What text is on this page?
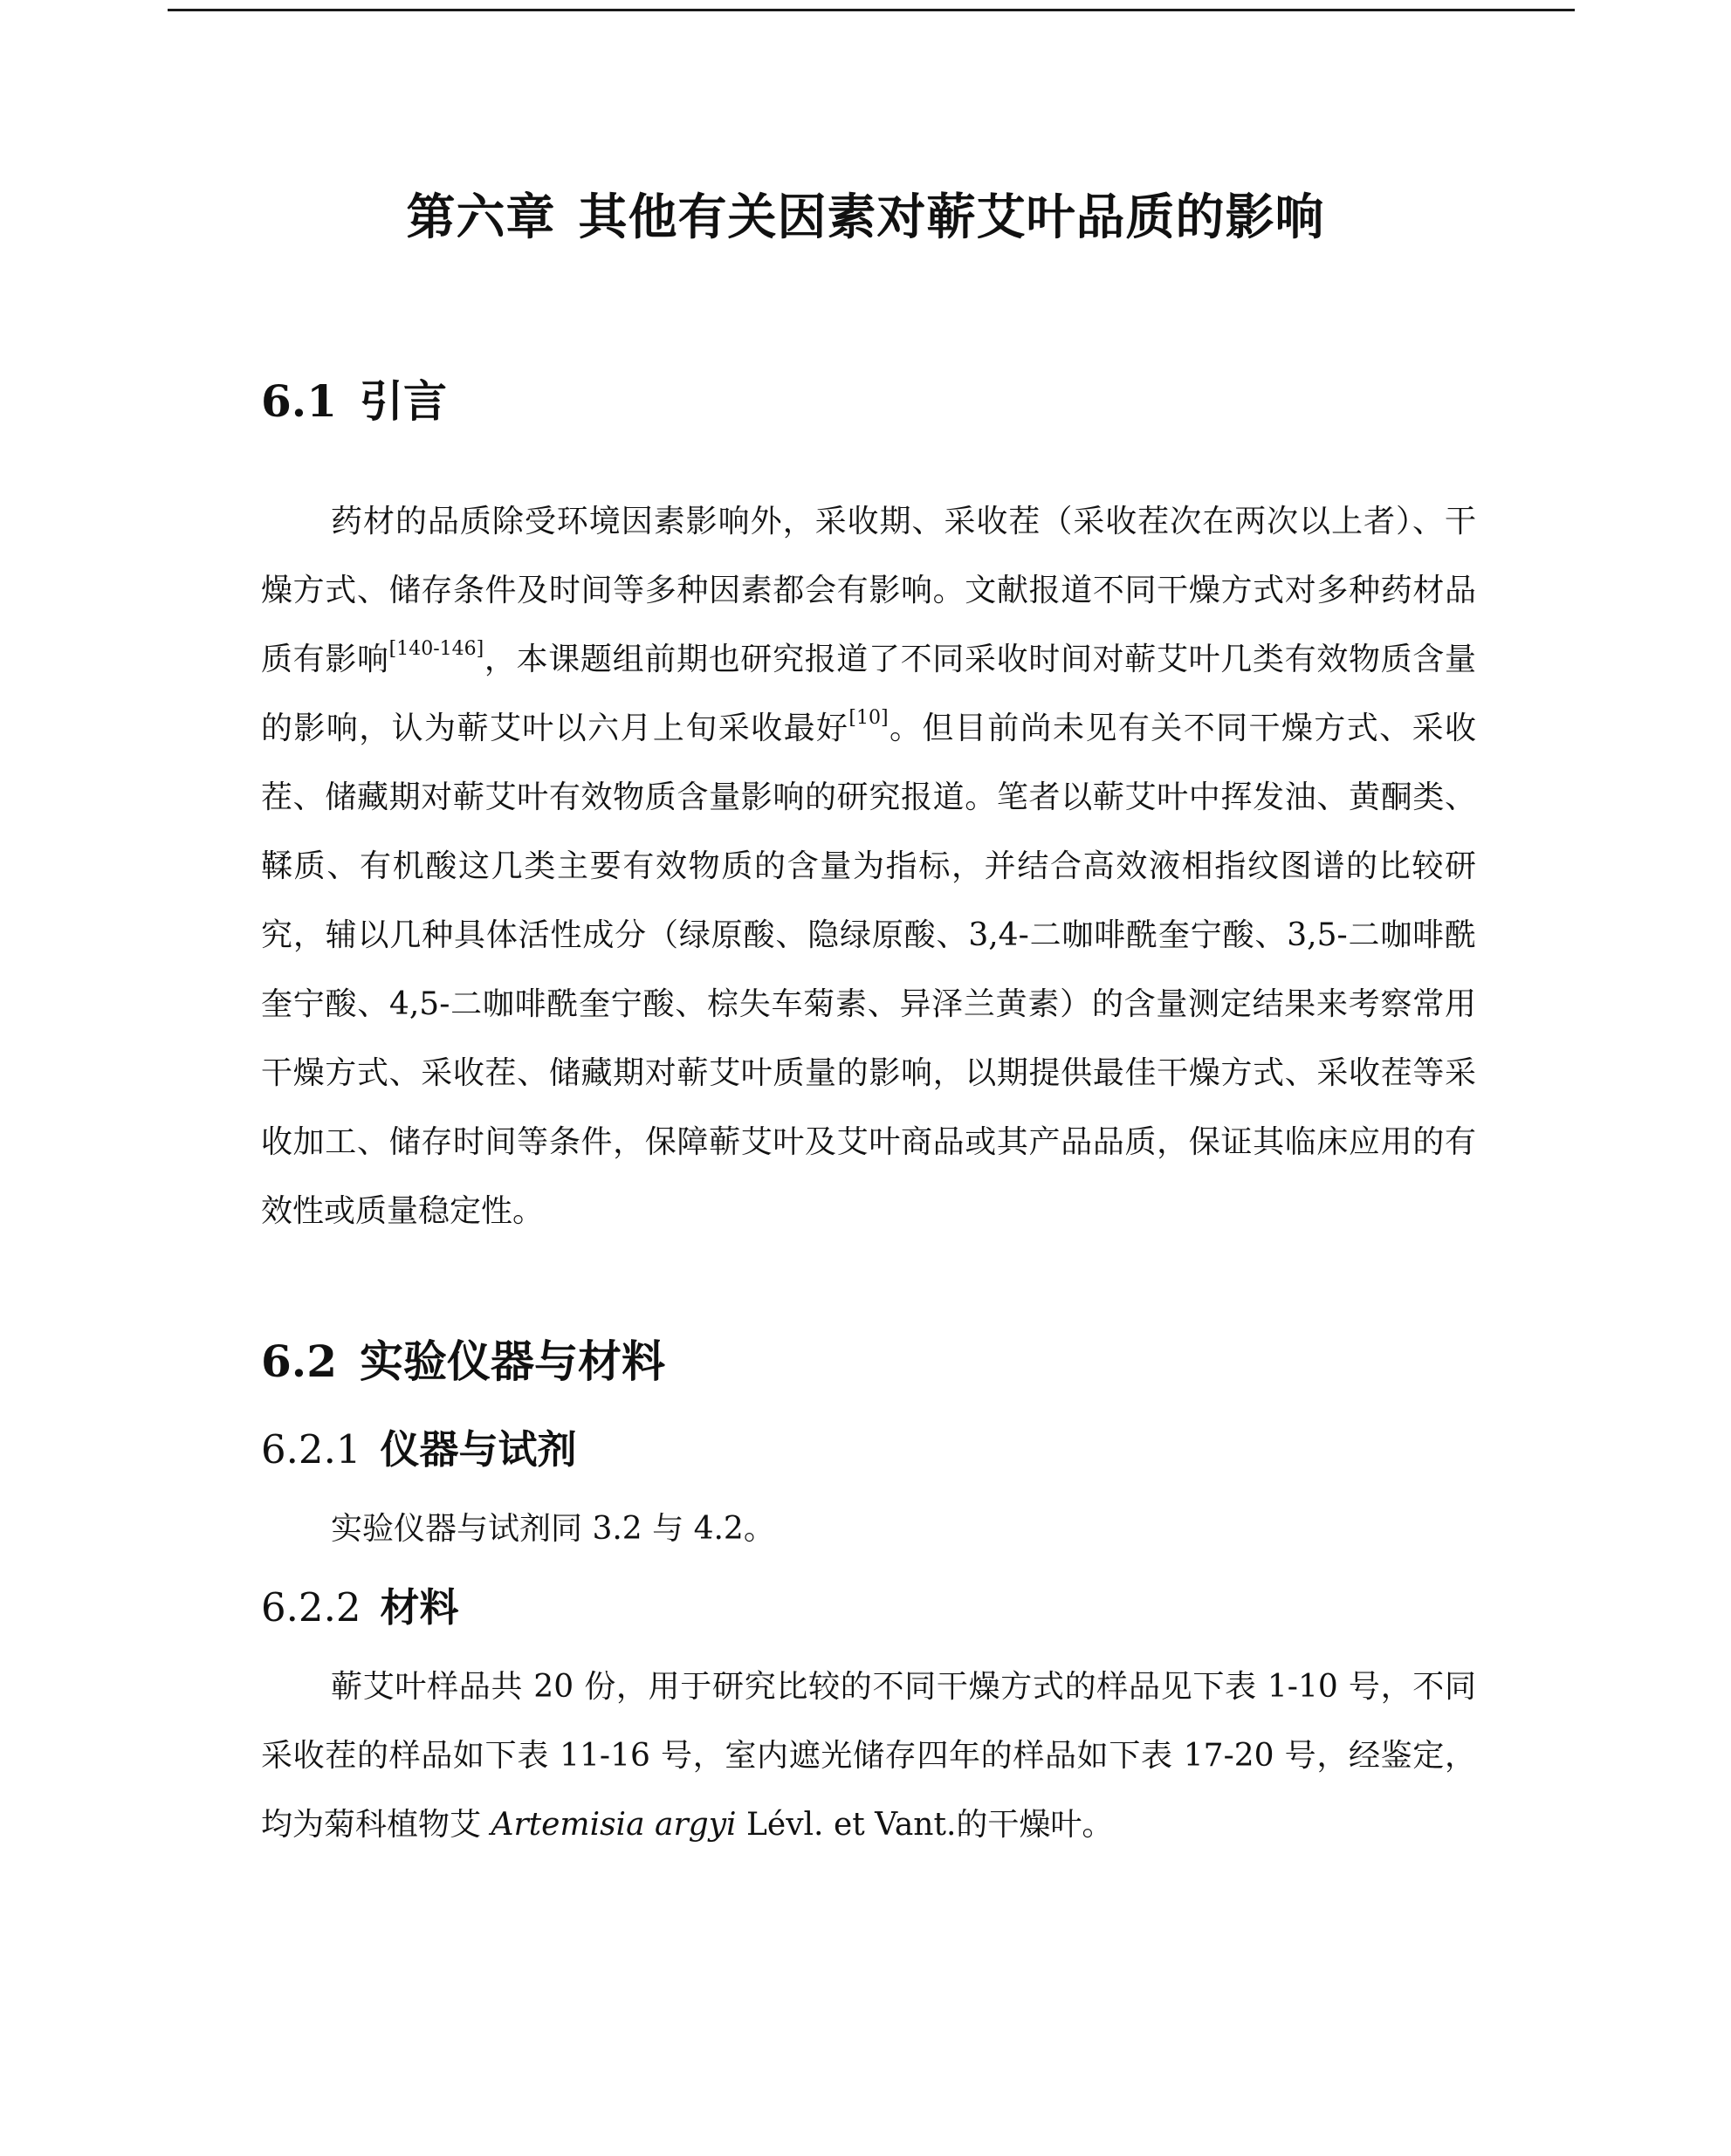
第六章 其他有关因素对蕲艾叶品质的影响
6.1 引言

药材的品质除受环境因素影响外，采收期、采收茬（采收茬次在两次以上者）、干燥方式、储存条件及时间等多种因素都会有影响。文献报道不同干燥方式对多种药材品质有影响[140-146]，本课题组前期也研究报道了不同采收时间对蕲艾叶几类有效物质含量的影响，认为蕲艾叶以六月上旬采收最好[10]。但目前尚未见有关不同干燥方式、采收茬、储藏期对蕲艾叶有效物质含量影响的研究报道。笔者以蕲艾叶中挥发油、黄酮类、鞣质、有机酸这几类主要有效物质的含量为指标，并结合高效液相指纹图谱的比较研究，辅以几种具体活性成分（绿原酸、隐绿原酸、3,4-二咖啡酰奎宁酸、3,5-二咖啡酰奎宁酸、4,5-二咖啡酰奎宁酸、棕失车菊素、异泽兰黄素）的含量测定结果来考察常用干燥方式、采收茬、储藏期对蕲艾叶质量的影响，以期提供最佳干燥方式、采收茬等采收加工、储存时间等条件，保障蕲艾叶及艾叶商品或其产品品质，保证其临床应用的有效性或质量稳定性。

6.2 实验仪器与材料
6.2.1 仪器与试剂

实验仪器与试剂同 3.2 与 4.2。

6.2.2 材料

蕲艾叶样品共 20 份，用于研究比较的不同干燥方式的样品见下表 1-10 号，不同采收茬的样品如下表 11-16 号，室内遮光储存四年的样品如下表 17-20 号，经鉴定，均为菊科植物艾 Artemisia argyi Lévl. et Vant.的干燥叶。
